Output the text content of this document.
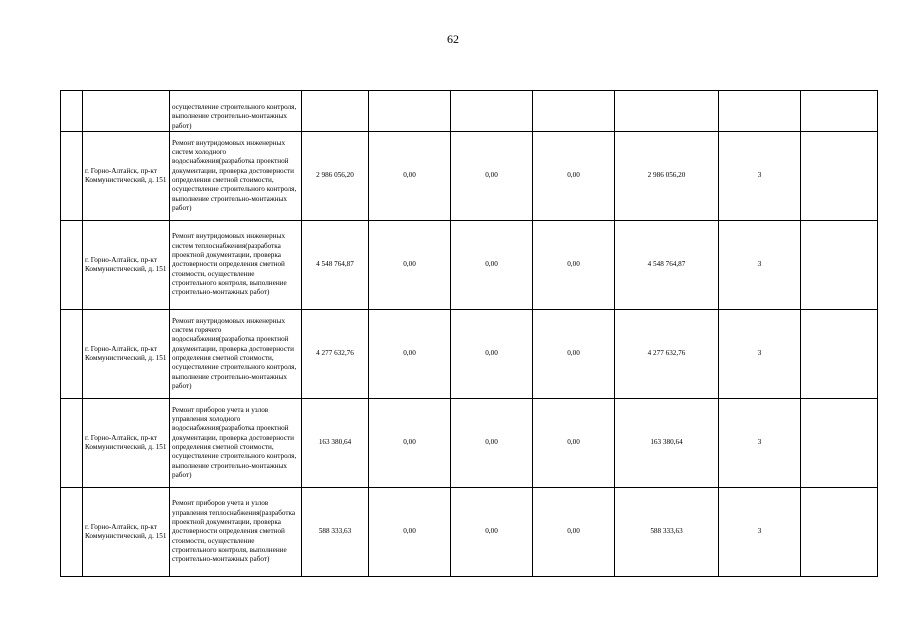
62
		осуществление строительного контроля, выполнение строительно-монтажных работ)							
	г. Горно-Алтайск, пр-кт Коммунистический, д. 151	Ремонт внутридомовых инженерных систем холодного водоснабжения(разработка проектной документации, проверка достоверности определения сметной стоимости, осуществление строительного контроля, выполнение строительно-монтажных работ)	2 986 056,20	0,00	0,00	0,00	2 986 056,20	3	
	г. Горно-Алтайск, пр-кт Коммунистический, д. 151	Ремонт внутридомовых инженерных систем теплоснабжения(разработка проектной документации, проверка достоверности определения сметной стоимости, осуществление строительного контроля, выполнение строительно-монтажных работ)	4 548 764,87	0,00	0,00	0,00	4 548 764,87	3	
	г. Горно-Алтайск, пр-кт Коммунистический, д. 151	Ремонт внутридомовых инженерных систем горячего водоснабжения(разработка проектной документации, проверка достоверности определения сметной стоимости, осуществление строительного контроля, выполнение строительно-монтажных работ)	4 277 632,76	0,00	0,00	0,00	4 277 632,76	3	
	г. Горно-Алтайск, пр-кт Коммунистический, д. 151	Ремонт приборов учета и узлов управления холодного водоснабжения(разработка проектной документации, проверка достоверности определения сметной стоимости, осуществление строительного контроля, выполнение строительно-монтажных работ)	163 380,64	0,00	0,00	0,00	163 380,64	3	
	г. Горно-Алтайск, пр-кт Коммунистический, д. 151	Ремонт приборов учета и узлов управления теплоснабжения(разработка проектной документации, проверка достоверности определения сметной стоимости, осуществление строительного контроля, выполнение строительно-монтажных работ)	588 333,63	0,00	0,00	0,00	588 333,63	3	
